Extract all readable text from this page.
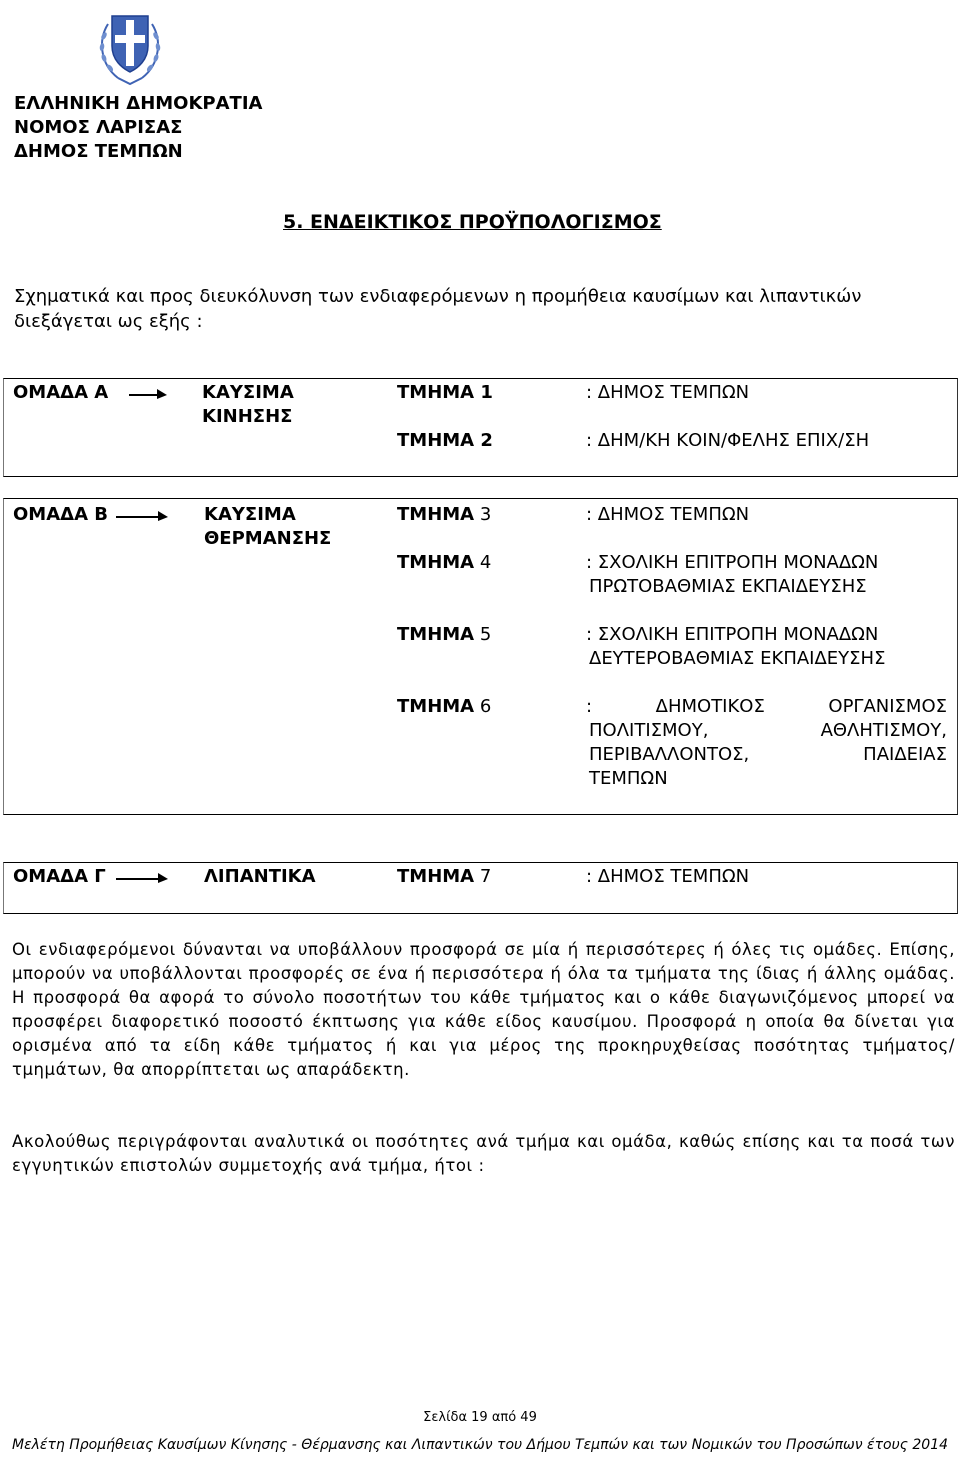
ΕΛΛΗΝΙΚΗ ΔΗΜΟΚΡΑΤΙΑ
ΝΟΜΟΣ ΛΑΡΙΣΑΣ
ΔΗΜΟΣ ΤΕΜΠΩΝ
5. ΕΝΔΕΙΚΤΙΚΟΣ ΠΡΟΫΠΟΛΟΓΙΣΜΟΣ
Σχηματικά και προς διευκόλυνση των ενδιαφερόμενων η προμήθεια καυσίμων και λιπαντικών διεξάγεται ως εξής :
ΟΜΑΔΑ Α	ΚΑΥΣΙΜΑ
ΚΙΝΗΣΗΣ
ΤΜΗΜΑ 1	: ΔΗΜΟΣ ΤΕΜΠΩΝ
ΤΜΗΜΑ 2	: ΔΗΜ/ΚΗ ΚΟΙΝ/ΦΕΛΗΣ ΕΠΙΧ/ΣΗ
ΟΜΑΔΑ Β	ΚΑΥΣΙΜΑ
ΘΕΡΜΑΝΣΗΣ
ΤΜΗΜΑ 3	: ΔΗΜΟΣ ΤΕΜΠΩΝ
ΤΜΗΜΑ 4	: ΣΧΟΛΙΚΗ ΕΠΙΤΡΟΠΗ ΜΟΝΑΔΩΝ
ΠΡΩΤΟΒΑΘΜΙΑΣ ΕΚΠΑΙΔΕΥΣΗΣ
ΤΜΗΜΑ 5	: ΣΧΟΛΙΚΗ ΕΠΙΤΡΟΠΗ ΜΟΝΑΔΩΝ
ΔΕΥΤΕΡΟΒΑΘΜΙΑΣ ΕΚΠΑΙΔΕΥΣΗΣ
ΤΜΗΜΑ 6	:	ΔΗΜΟΤΙΚΟΣ	ΟΡΓΑΝΙΣΜΟΣ
ΠΟΛΙΤΙΣΜΟΥ,	ΑΘΛΗΤΙΣΜΟΥ,
ΠΕΡΙΒΑΛΛΟΝΤΟΣ,	ΠΑΙΔΕΙΑΣ
ΤΕΜΠΩΝ
ΟΜΑΔΑ Γ	ΛΙΠΑΝΤΙΚΑ	ΤΜΗΜΑ 7	: ΔΗΜΟΣ ΤΕΜΠΩΝ
Οι ενδιαφερόμενοι δύνανται να υποβάλλουν προσφορά σε μία ή περισσότερες ή όλες τις ομάδες. Επίσης, μπορούν να υποβάλλονται προσφορές σε ένα ή περισσότερα ή όλα τα τμήματα της ίδιας ή άλλης ομάδας. Η προσφορά θα αφορά το σύνολο ποσοτήτων του κάθε τμήματος και ο κάθε διαγωνιζόμενος μπορεί να προσφέρει διαφορετικό ποσοστό έκπτωσης για κάθε είδος καυσίμου. Προσφορά η οποία θα δίνεται για ορισμένα από τα είδη κάθε τμήματος ή και για μέρος της προκηρυχθείσας ποσότητας τμήματος/τμημάτων, θα απορρίπτεται ως απαράδεκτη.
Ακολούθως περιγράφονται αναλυτικά οι ποσότητες ανά τμήμα και ομάδα, καθώς επίσης και τα ποσά των εγγυητικών επιστολών συμμετοχής ανά τμήμα, ήτοι :
Σελίδα 19 από 49
Μελέτη Προμήθειας Καυσίμων Κίνησης - Θέρμανσης και Λιπαντικών του Δήμου Τεμπών και των Νομικών του Προσώπων έτους 2014
